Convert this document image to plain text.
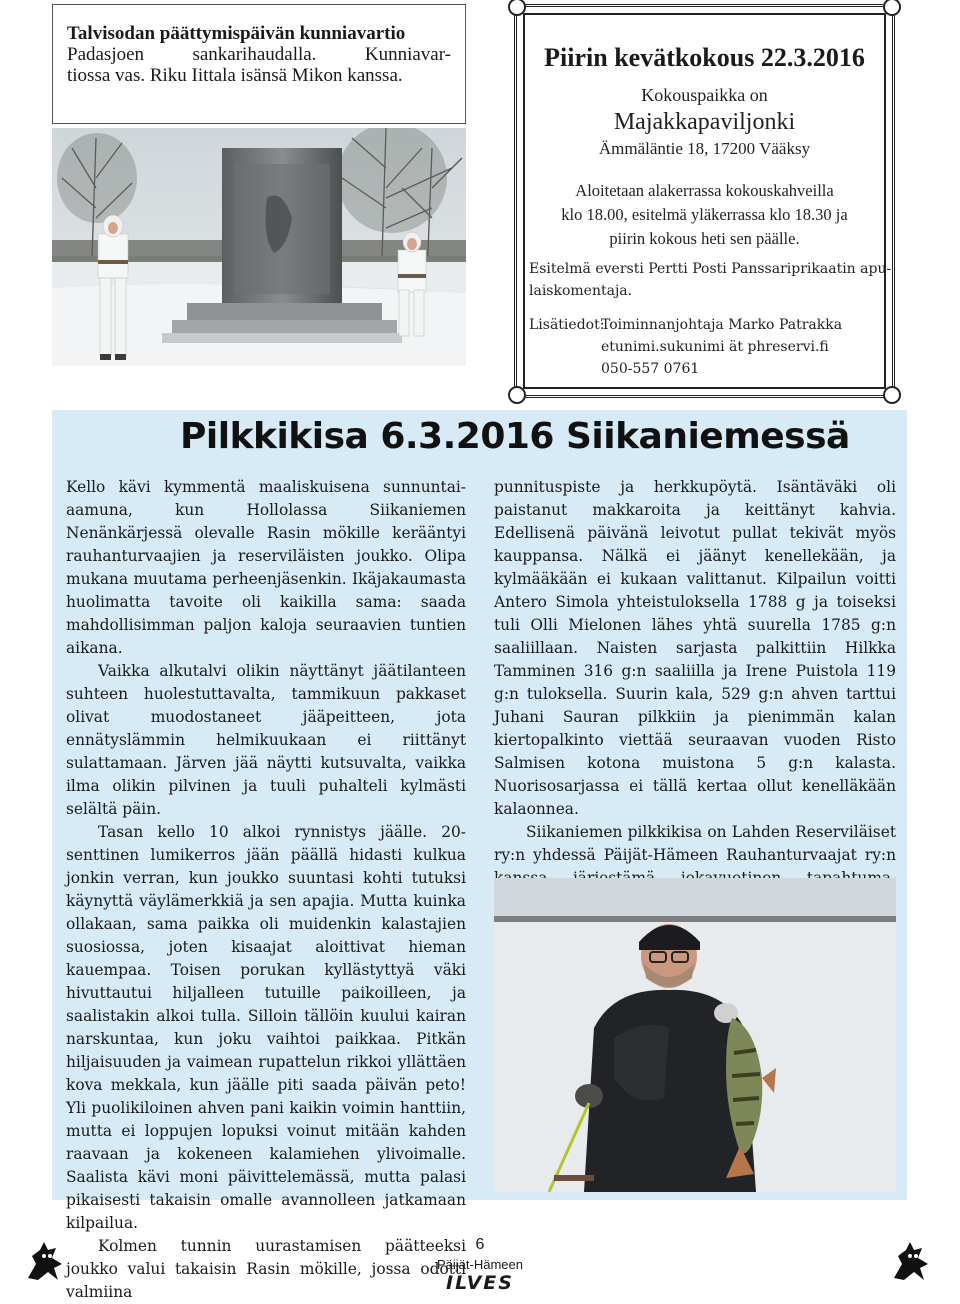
Talvisodan päättymispäivän kunniavartio
Padasjoen sankarihaudalla. Kunniavar-
tiossa vas. Riku Iittala isänsä Mikon kanssa.
Piirin kevätkokous 22.3.2016
Kokouspaikka on
Majakkapaviljonki
Ämmäläntie 18, 17200 Vääksy
Aloitetaan alakerrassa kokouskahveilla
klo 18.00, esitelmä yläkerrassa klo 18.30 ja
piirin kokous heti sen päälle.
Esitelmä eversti Pertti Posti Panssariprikaatin apu-
laiskomentaja.
Lisätiedot:
Toiminnanjohtaja Marko Patrakka
etunimi.sukunimi ät phreservi.fi
050-557 0761
Pilkkikisa 6.3.2016 Siikaniemessä

Kello kävi kymmentä maaliskuisena sunnuntai-aamuna, kun Hollolassa Siikaniemen Nenänkärjessä olevalle Rasin mökille kerääntyi rauhanturvaajien ja reserviläisten joukko. Olipa mukana muutama perheenjäsenkin. Ikäjakaumasta huolimatta tavoite oli kaikilla sama: saada mahdollisimman paljon kaloja seuraavien tuntien aikana.

Vaikka alkutalvi olikin näyttänyt jäätilanteen suhteen huolestuttavalta, tammikuun pakkaset olivat muodostaneet jääpeitteen, jota ennätyslämmin helmikuukaan ei riittänyt sulattamaan. Järven jää näytti kutsuvalta, vaikka ilma olikin pilvinen ja tuuli puhalteli kylmästi selältä päin.

Tasan kello 10 alkoi rynnistys jäälle. 20-senttinen lumikerros jään päällä hidasti kulkua jonkin verran, kun joukko suuntasi kohti tutuksi käynyttä väylämerkkiä ja sen apajia. Mutta kuinka ollakaan, sama paikka oli muidenkin kalastajien suosiossa, joten kisaajat aloittivat hieman kauempaa. Toisen porukan kyllästyttyä väki hivuttautui hiljalleen tutuille paikoilleen, ja saalistakin alkoi tulla. Silloin tällöin kuului kairan narskuntaa, kun joku vaihtoi paikkaa. Pitkän hiljaisuuden ja vaimean rupattelun rikkoi yllättäen kova mekkala, kun jäälle piti saada päivän peto! Yli puolikiloinen ahven pani kaikin voimin hanttiin, mutta ei loppujen lopuksi voinut mitään kahden raavaan ja kokeneen kalamiehen ylivoimalle. Saalista kävi moni päivittelemässä, mutta palasi pikaisesti takaisin omalle avannolleen jatkamaan kilpailua.

Kolmen tunnin uurastamisen päätteeksi joukko valui takaisin Rasin mökille, jossa odotti valmiina

punnituspiste ja herkkupöytä. Isäntäväki oli paistanut makkaroita ja keittänyt kahvia. Edellisenä päivänä leivotut pullat tekivät myös kauppansa. Nälkä ei jäänyt kenellekään, ja kylmääkään ei kukaan valittanut. Kilpailun voitti Antero Simola yhteistuloksella 1788 g ja toiseksi tuli Olli Mielonen lähes yhtä suurella 1785 g:n saaliillaan. Naisten sarjasta palkittiin Hilkka Tamminen 316 g:n saaliilla ja Irene Puistola 119 g:n tuloksella. Suurin kala, 529 g:n ahven tarttui Juhani Sauran pilkkiin ja pienimmän kalan kiertopalkinto viettää seuraavan vuoden Risto Salmisen kotona muistona 5 g:n kalasta. Nuorisosarjassa ei tällä kertaa ollut kenelläkään kalaonnea.

Siikaniemen pilkkikisa on Lahden Reserviläiset ry:n yhdessä Päijät-Hämeen Rauhanturvaajat ry:n

6
Päijät-Hämeen
ILVES
